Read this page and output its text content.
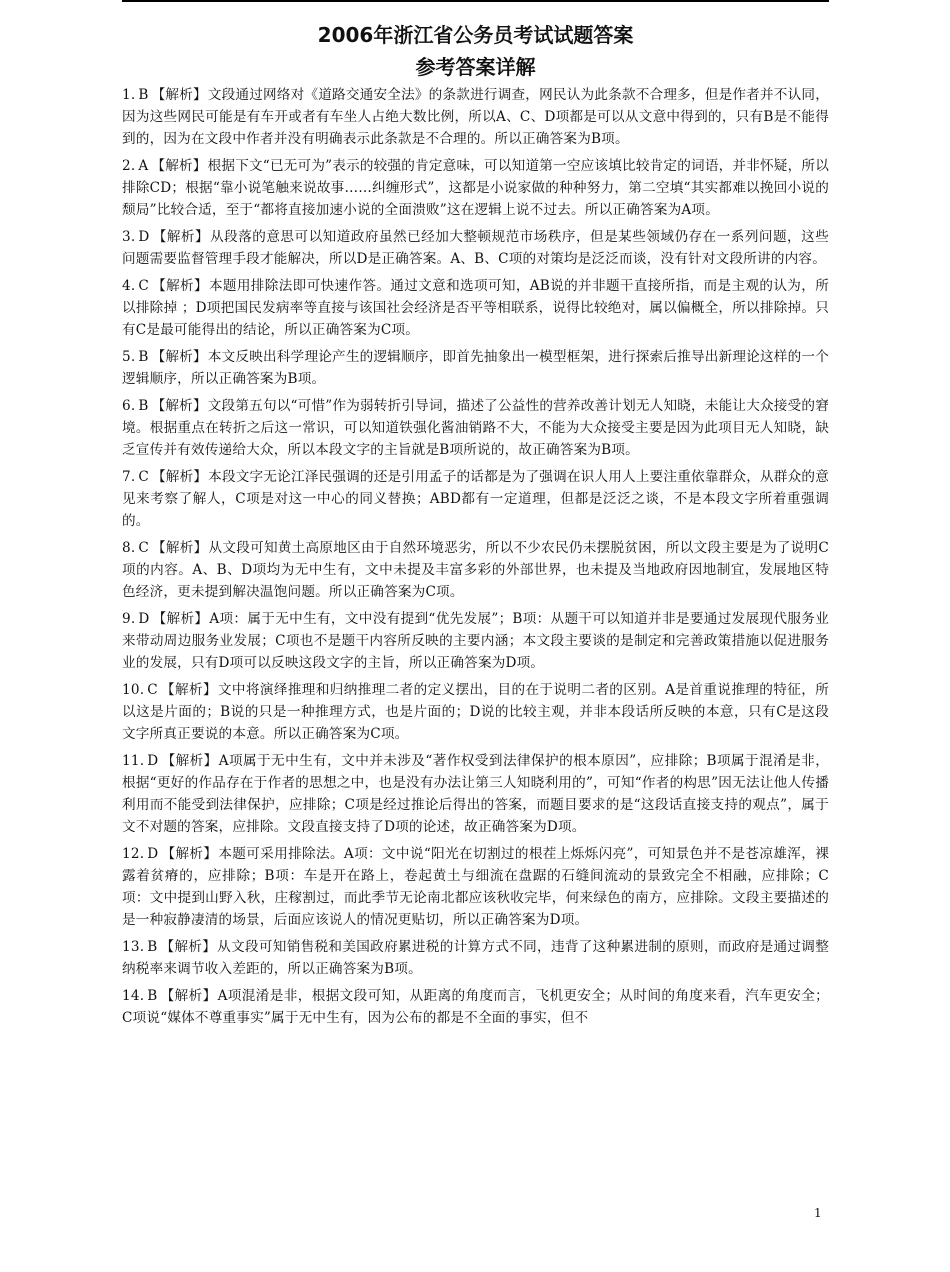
2006年浙江省公务员考试试题答案
参考答案详解

1. B 【解析】文段通过网络对《道路交通安全法》的条款进行调查，网民认为此条款不合理多，但是作者并不认同，因为这些网民可能是有车开或者有车坐人占绝大数比例，所以A、C、D项都是可以从文意中得到的，只有B是不能得到的，因为在文段中作者并没有明确表示此条款是不合理的。所以正确答案为B项。

2. A 【解析】根据下文“已无可为”表示的较强的肯定意味，可以知道第一空应该填比较肯定的词语，并非怀疑，所以排除CD；根据“靠小说笔触来说故事……纠缠形式”，这都是小说家做的种种努力，第二空填“其实都难以挽回小说的颓局”比较合适，至于“都将直接加速小说的全面溃败”这在逻辑上说不过去。所以正确答案为A项。

3. D 【解析】从段落的意思可以知道政府虽然已经加大整顿规范市场秩序，但是某些领域仍存在一系列问题，这些问题需要监督管理手段才能解决，所以D是正确答案。A、B、C项的对策均是泛泛而谈，没有针对文段所讲的内容。

4. C 【解析】本题用排除法即可快速作答。通过文意和选项可知，AB说的并非题干直接所指，而是主观的认为，所以排除掉 ；D项把国民发病率等直接与该国社会经济是否平等相联系，说得比较绝对，属以偏概全，所以排除掉。只有C是最可能得出的结论，所以正确答案为C项。

5. B 【解析】本文反映出科学理论产生的逻辑顺序，即首先抽象出一模型框架，进行探索后推导出新理论这样的一个逻辑顺序，所以正确答案为B项。

6. B 【解析】文段第五句以“可惜”作为弱转折引导词，描述了公益性的营养改善计划无人知晓，未能让大众接受的窘境。根据重点在转折之后这一常识，可以知道铁强化酱油销路不大，不能为大众接受主要是因为此项目无人知晓，缺乏宣传并有效传递给大众，所以本段文字的主旨就是B项所说的，故正确答案为B项。

7. C 【解析】本段文字无论江泽民强调的还是引用孟子的话都是为了强调在识人用人上要注重依靠群众，从群众的意见来考察了解人，C项是对这一中心的同义替换；ABD都有一定道理，但都是泛泛之谈，不是本段文字所着重强调的。

8. C 【解析】从文段可知黄土高原地区由于自然环境恶劣，所以不少农民仍未摆脱贫困，所以文段主要是为了说明C项的内容。A、B、D项均为无中生有，文中未提及丰富多彩的外部世界，也未提及当地政府因地制宜，发展地区特色经济，更未提到解决温饱问题。所以正确答案为C项。

9. D 【解析】A项：属于无中生有，文中没有提到“优先发展”；B项：从题干可以知道并非是要通过发展现代服务业来带动周边服务业发展；C项也不是题干内容所反映的主要内涵；本文段主要谈的是制定和完善政策措施以促进服务业的发展，只有D项可以反映这段文字的主旨，所以正确答案为D项。

10. C 【解析】文中将演绎推理和归纳推理二者的定义摆出，目的在于说明二者的区别。A是首重说推理的特征，所以这是片面的；B说的只是一种推理方式，也是片面的；D说的比较主观，并非本段话所反映的本意，只有C是这段文字所真正要说的本意。所以正确答案为C项。

11. D 【解析】A项属于无中生有，文中并未涉及“著作权受到法律保护的根本原因”，应排除；B项属于混淆是非，根据“更好的作品存在于作者的思想之中，也是没有办法让第三人知晓利用的”，可知“作者的构思”因无法让他人传播利用而不能受到法律保护，应排除；C项是经过推论后得出的答案，而题目要求的是“这段话直接支持的观点”，属于文不对题的答案，应排除。文段直接支持了D项的论述，故正确答案为D项。

12. D 【解析】本题可采用排除法。A项：文中说“阳光在切割过的根茬上烁烁闪亮”，可知景色并不是苍凉雄浑，裸露着贫瘠的，应排除；B项：车是开在路上，卷起黄土与细流在盘踞的石缝间流动的景致完全不相融，应排除；C项：文中提到山野入秋，庄稼割过，而此季节无论南北都应该秋收完毕，何来绿色的南方，应排除。文段主要描述的是一种寂静凄清的场景，后面应该说人的情况更贴切，所以正确答案为D项。

13. B 【解析】从文段可知销售税和美国政府累进税的计算方式不同，违背了这种累进制的原则，而政府是通过调整纳税率来调节收入差距的，所以正确答案为B项。

14. B 【解析】A项混淆是非，根据文段可知，从距离的角度而言，飞机更安全；从时间的角度来看，汽车更安全；C项说“媒体不尊重事实”属于无中生有，因为公布的都是不全面的事实，但不

1
